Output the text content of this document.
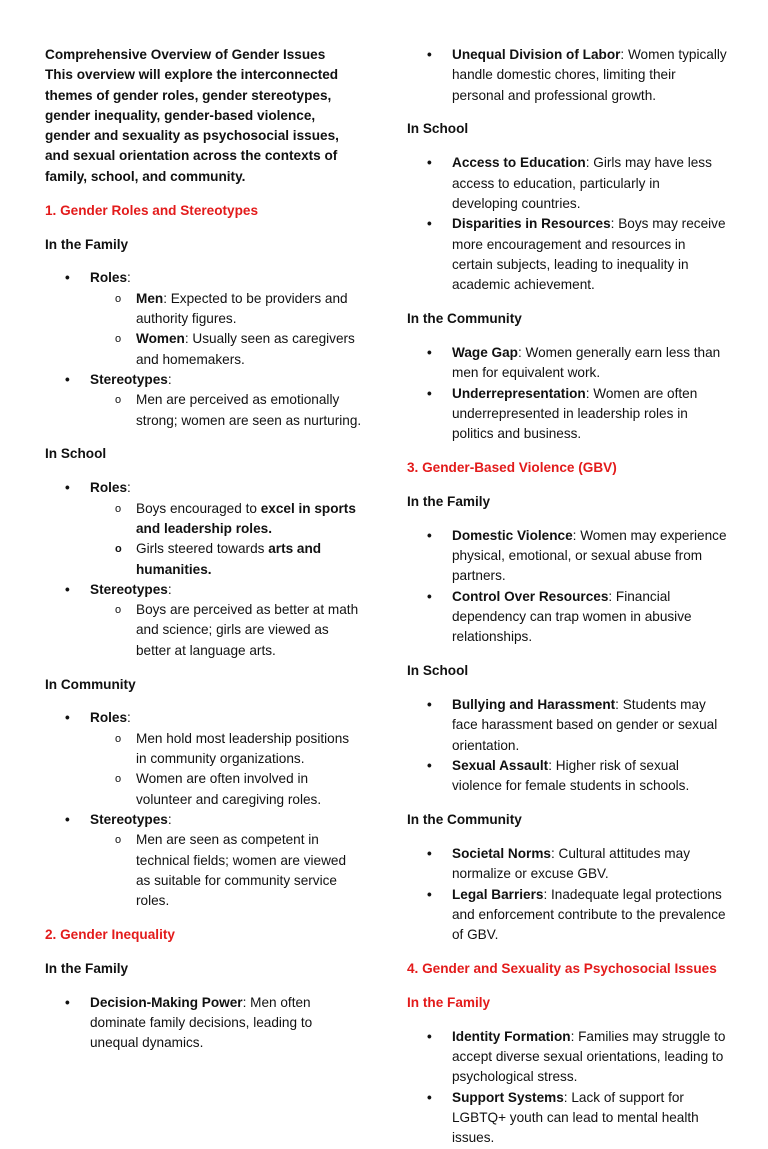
Comprehensive Overview of Gender Issues

This overview will explore the interconnected themes of gender roles, gender stereotypes, gender inequality, gender-based violence, gender and sexuality as psychosocial issues, and sexual orientation across the contexts of family, school, and community.

1. Gender Roles and Stereotypes

In the Family

• Roles:
o Men: Expected to be providers and authority figures.
o Women: Usually seen as caregivers and homemakers.
• Stereotypes:
o Men are perceived as emotionally strong; women are seen as nurturing.

In School

• Roles:
o Boys encouraged to excel in sports and leadership roles.
o Girls steered towards arts and humanities.
• Stereotypes:
o Boys are perceived as better at math and science; girls are viewed as better at language arts.

In Community

• Roles:
o Men hold most leadership positions in community organizations.
o Women are often involved in volunteer and caregiving roles.
• Stereotypes:
o Men are seen as competent in technical fields; women are viewed as suitable for community service roles.

2. Gender Inequality

In the Family

• Decision-Making Power: Men often dominate family decisions, leading to unequal dynamics.
• Unequal Division of Labor: Women typically handle domestic chores, limiting their personal and professional growth.

In School

• Access to Education: Girls may have less access to education, particularly in developing countries.
• Disparities in Resources: Boys may receive more encouragement and resources in certain subjects, leading to inequality in academic achievement.

In the Community

• Wage Gap: Women generally earn less than men for equivalent work.
• Underrepresentation: Women are often underrepresented in leadership roles in politics and business.

3. Gender-Based Violence (GBV)

In the Family

• Domestic Violence: Women may experience physical, emotional, or sexual abuse from partners.
• Control Over Resources: Financial dependency can trap women in abusive relationships.

In School

• Bullying and Harassment: Students may face harassment based on gender or sexual orientation.
• Sexual Assault: Higher risk of sexual violence for female students in schools.

In the Community

• Societal Norms: Cultural attitudes may normalize or excuse GBV.
• Legal Barriers: Inadequate legal protections and enforcement contribute to the prevalence of GBV.

4. Gender and Sexuality as Psychosocial Issues

In the Family

• Identity Formation: Families may struggle to accept diverse sexual orientations, leading to psychological stress.
• Support Systems: Lack of support for LGBTQ+ youth can lead to mental health issues.
